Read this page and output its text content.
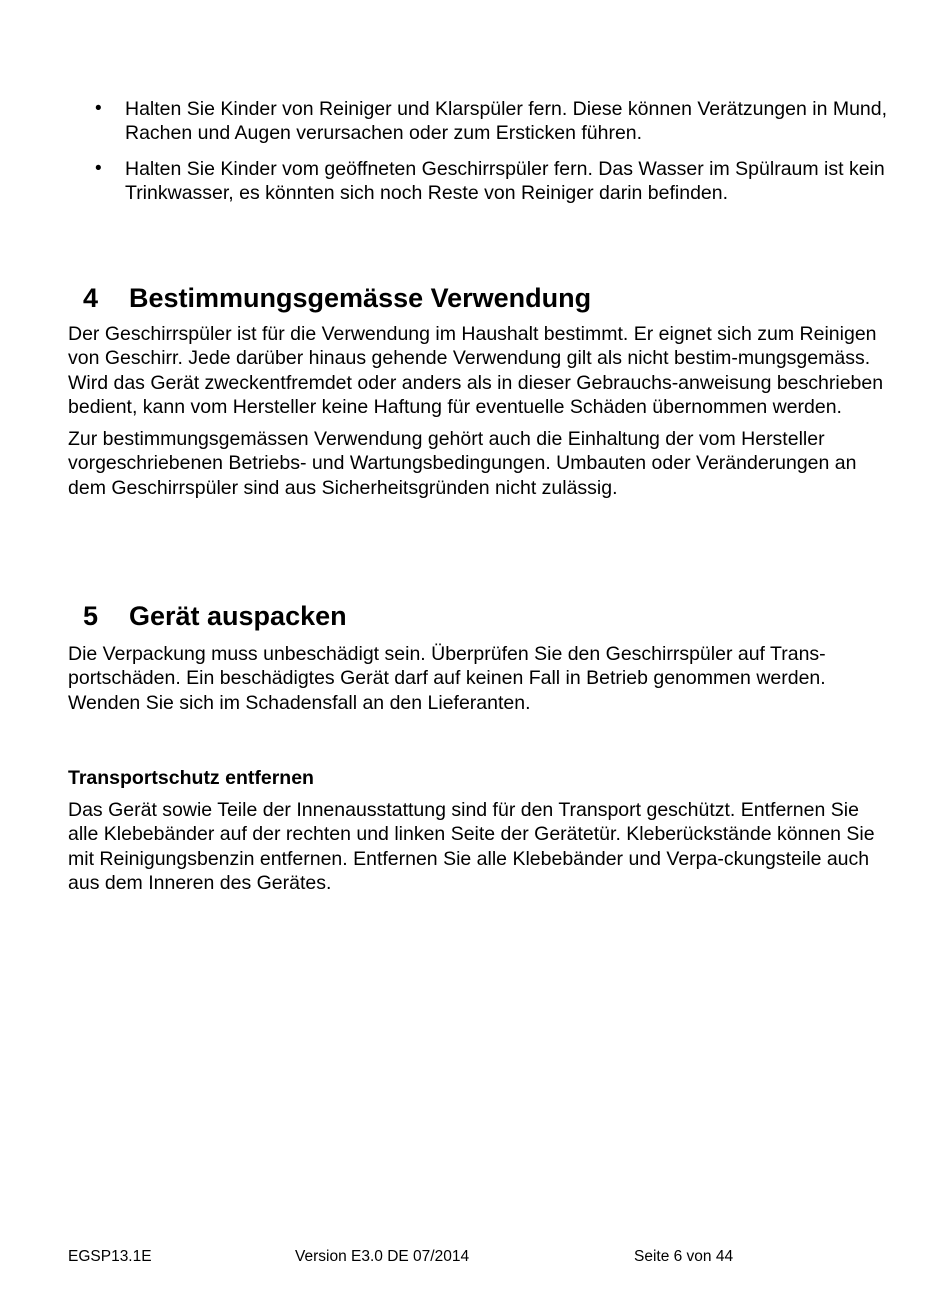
• Halten Sie Kinder von Reiniger und Klarspüler fern. Diese können Verätzungen in Mund, Rachen und Augen verursachen oder zum Ersticken führen.
• Halten Sie Kinder vom geöffneten Geschirrspüler fern. Das Wasser im Spülraum ist kein Trinkwasser, es könnten sich noch Reste von Reiniger darin befinden.
4	Bestimmungsgemässe Verwendung

Der Geschirrspüler ist für die Verwendung im Haushalt bestimmt. Er eignet sich zum Reinigen von Geschirr. Jede darüber hinaus gehende Verwendung gilt als nicht bestim-mungsgemäss. Wird das Gerät zweckentfremdet oder anders als in dieser Gebrauchs-anweisung beschrieben bedient, kann vom Hersteller keine Haftung für eventuelle Schäden übernommen werden.

Zur bestimmungsgemässen Verwendung gehört auch die Einhaltung der vom Hersteller vorgeschriebenen Betriebs- und Wartungsbedingungen. Umbauten oder Veränderungen an dem Geschirrspüler sind aus Sicherheitsgründen nicht zulässig.

5	Gerät auspacken

Die Verpackung muss unbeschädigt sein. Überprüfen Sie den Geschirrspüler auf Trans-portschäden. Ein beschädigtes Gerät darf auf keinen Fall in Betrieb genommen werden. Wenden Sie sich im Schadensfall an den Lieferanten.

Transportschutz entfernen

Das Gerät sowie Teile der Innenausstattung sind für den Transport geschützt. Entfernen Sie alle Klebebänder auf der rechten und linken Seite der Gerätetür. Kleberückstände können Sie mit Reinigungsbenzin entfernen. Entfernen Sie alle Klebebänder und Verpa-ckungsteile auch aus dem Inneren des Gerätes.

EGSP13.1E	Version E3.0 DE 07/2014	Seite 6 von 44
